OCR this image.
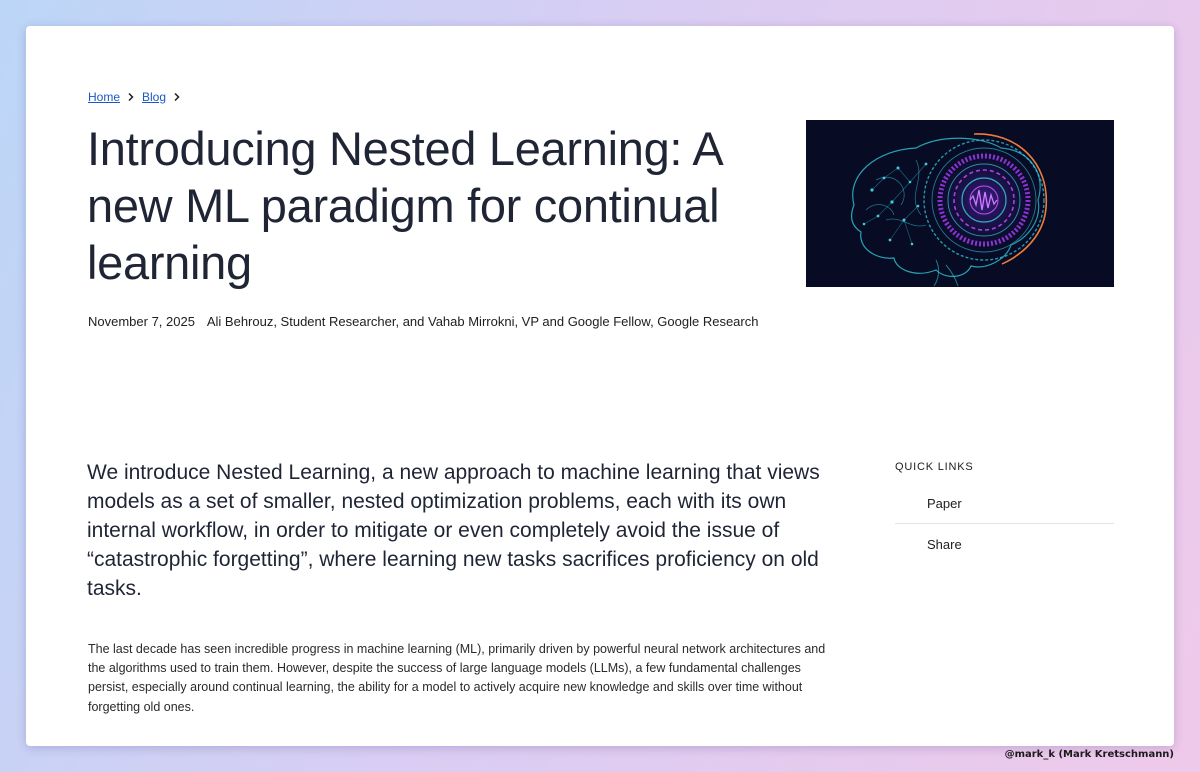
Home Blog
Introducing Nested Learning: A new ML paradigm for continual learning
November 7, 2025 Ali Behrouz, Student Researcher, and Vahab Mirrokni, VP and Google Fellow, Google Research

We introduce Nested Learning, a new approach to machine learning that views models as a set of smaller, nested optimization problems, each with its own internal workflow, in order to mitigate or even completely avoid the issue of “catastrophic forgetting”, where learning new tasks sacrifices proficiency on old tasks.

QUICK LINKS
Paper
Share

The last decade has seen incredible progress in machine learning (ML), primarily driven by powerful neural network architectures and the algorithms used to train them. However, despite the success of large language models (LLMs), a few fundamental challenges persist, especially around continual learning, the ability for a model to actively acquire new knowledge and skills over time without forgetting old ones.

@mark_k (Mark Kretschmann)
